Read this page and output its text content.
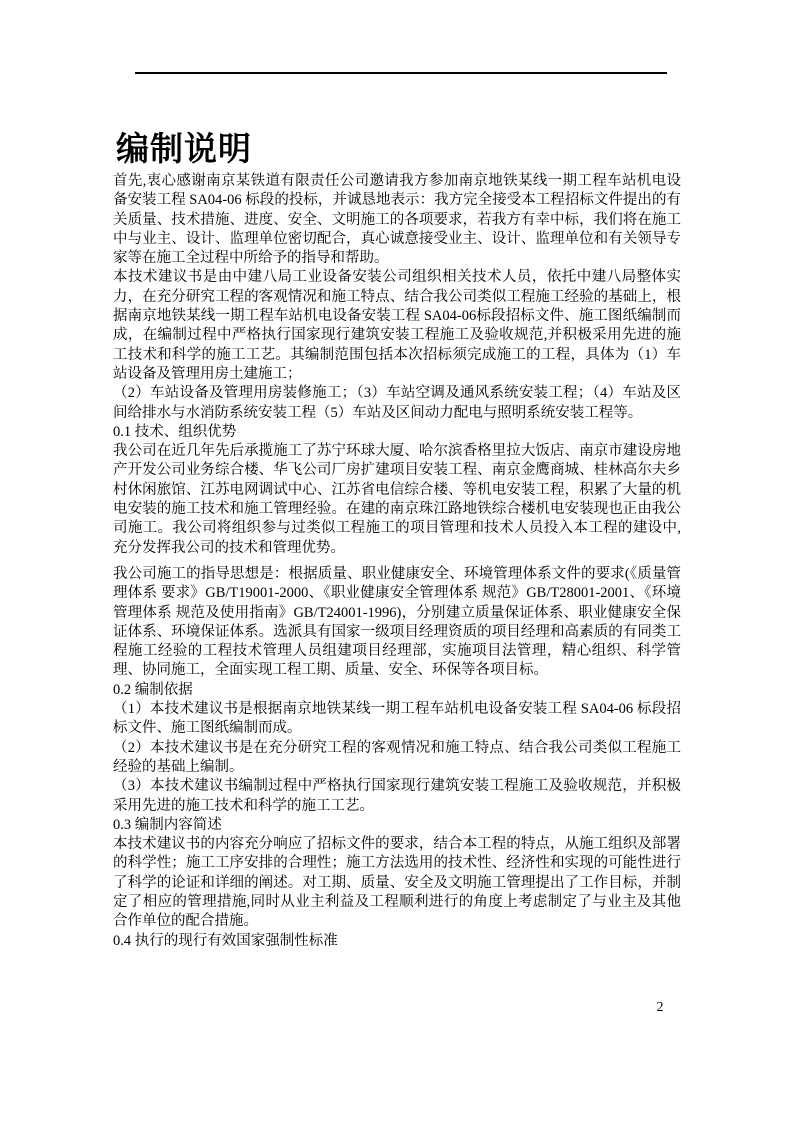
编制说明

首先,衷心感谢南京某铁道有限责任公司邀请我方参加南京地铁某线一期工程车站机电设备安装工程 SA04-06 标段的投标，并诚恳地表示：我方完全接受本工程招标文件提出的有关质量、技术措施、进度、安全、文明施工的各项要求，若我方有幸中标，我们将在施工中与业主、设计、监理单位密切配合，真心诚意接受业主、设计、监理单位和有关领导专家等在施工全过程中所给予的指导和帮助。

本技术建议书是由中建八局工业设备安装公司组织相关技术人员，依托中建八局整体实力，在充分研究工程的客观情况和施工特点、结合我公司类似工程施工经验的基础上，根据南京地铁某线一期工程车站机电设备安装工程 SA04-06标段招标文件、施工图纸编制而成，在编制过程中严格执行国家现行建筑安装工程施工及验收规范,并积极采用先进的施工技术和科学的施工工艺。其编制范围包括本次招标须完成施工的工程，具体为（1）车站设备及管理用房土建施工；

（2）车站设备及管理用房装修施工；（3）车站空调及通风系统安装工程；（4）车站及区间给排水与水消防系统安装工程（5）车站及区间动力配电与照明系统安装工程等。

0.1 技术、组织优势

我公司在近几年先后承揽施工了苏宁环球大厦、哈尔滨香格里拉大饭店、南京市建设房地产开发公司业务综合楼、华飞公司厂房扩建项目安装工程、南京金鹰商城、桂林高尔夫乡村休闲旅馆、江苏电网调试中心、江苏省电信综合楼、等机电安装工程，积累了大量的机电安装的施工技术和施工管理经验。在建的南京珠江路地铁综合楼机电安装现也正由我公司施工。我公司将组织参与过类似工程施工的项目管理和技术人员投入本工程的建设中,充分发挥我公司的技术和管理优势。

我公司施工的指导思想是：根据质量、职业健康安全、环境管理体系文件的要求(《质量管理体系 要求》GB/T19001-2000、《职业健康安全管理体系 规范》GB/T28001-2001、《环境管理体系 规范及使用指南》GB/T24001-1996)，分别建立质量保证体系、职业健康安全保证体系、环境保证体系。选派具有国家一级项目经理资质的项目经理和高素质的有同类工程施工经验的工程技术管理人员组建项目经理部，实施项目法管理，精心组织、科学管理、协同施工，全面实现工程工期、质量、安全、环保等各项目标。

0.2 编制依据

（1）本技术建议书是根据南京地铁某线一期工程车站机电设备安装工程 SA04-06 标段招标文件、施工图纸编制而成。

（2）本技术建议书是在充分研究工程的客观情况和施工特点、结合我公司类似工程施工经验的基础上编制。

（3）本技术建议书编制过程中严格执行国家现行建筑安装工程施工及验收规范，并积极采用先进的施工技术和科学的施工工艺。

0.3 编制内容简述

本技术建议书的内容充分响应了招标文件的要求，结合本工程的特点，从施工组织及部署的科学性；施工工序安排的合理性；施工方法选用的技术性、经济性和实现的可能性进行了科学的论证和详细的阐述。对工期、质量、安全及文明施工管理提出了工作目标，并制定了相应的管理措施,同时从业主利益及工程顺利进行的角度上考虑制定了与业主及其他合作单位的配合措施。

0.4 执行的现行有效国家强制性标准

2
